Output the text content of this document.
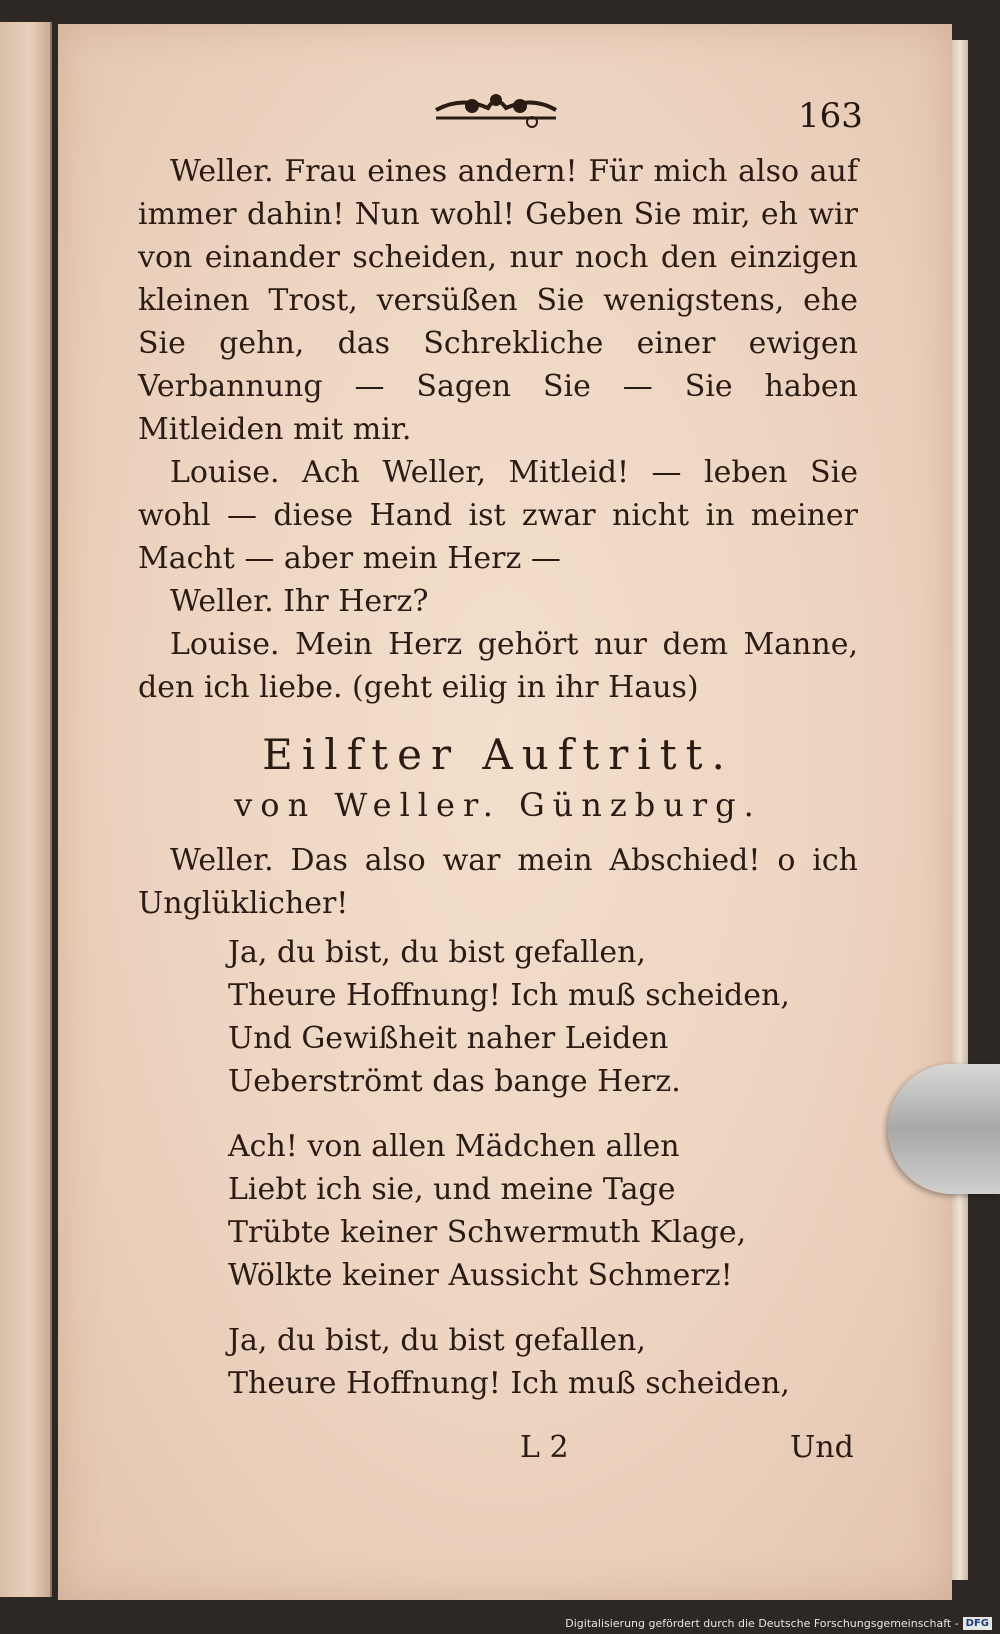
163

Weller. Frau eines andern! Für mich also auf immer dahin! Nun wohl! Geben Sie mir, eh wir von einander scheiden, nur noch den einzigen kleinen Trost, versüßen Sie wenigstens, ehe Sie gehn, das Schrekliche einer ewigen Verbannung — Sagen Sie — Sie haben Mitleiden mit mir.

Louise. Ach Weller, Mitleid! — leben Sie wohl — diese Hand ist zwar nicht in meiner Macht — aber mein Herz —

Weller. Ihr Herz?

Louise. Mein Herz gehört nur dem Manne, den ich liebe. (geht eilig in ihr Haus)

Eilfter Auftritt.
von Weller. Günzburg.

Weller. Das also war mein Abschied! o ich Unglüklicher!

Ja, du bist, du bist gefallen,
Theure Hoffnung! Ich muß scheiden,
Und Gewißheit naher Leiden
Ueberströmt das bange Herz.
Ach! von allen Mädchen allen
Liebt ich sie, und meine Tage
Trübte keiner Schwermuth Klage,
Wölkte keiner Aussicht Schmerz!
Ja, du bist, du bist gefallen,
Theure Hoffnung! Ich muß scheiden,
L 2	Und
Digitalisierung gefördert durch die Deutsche Forschungsgemeinschaft - DFG
